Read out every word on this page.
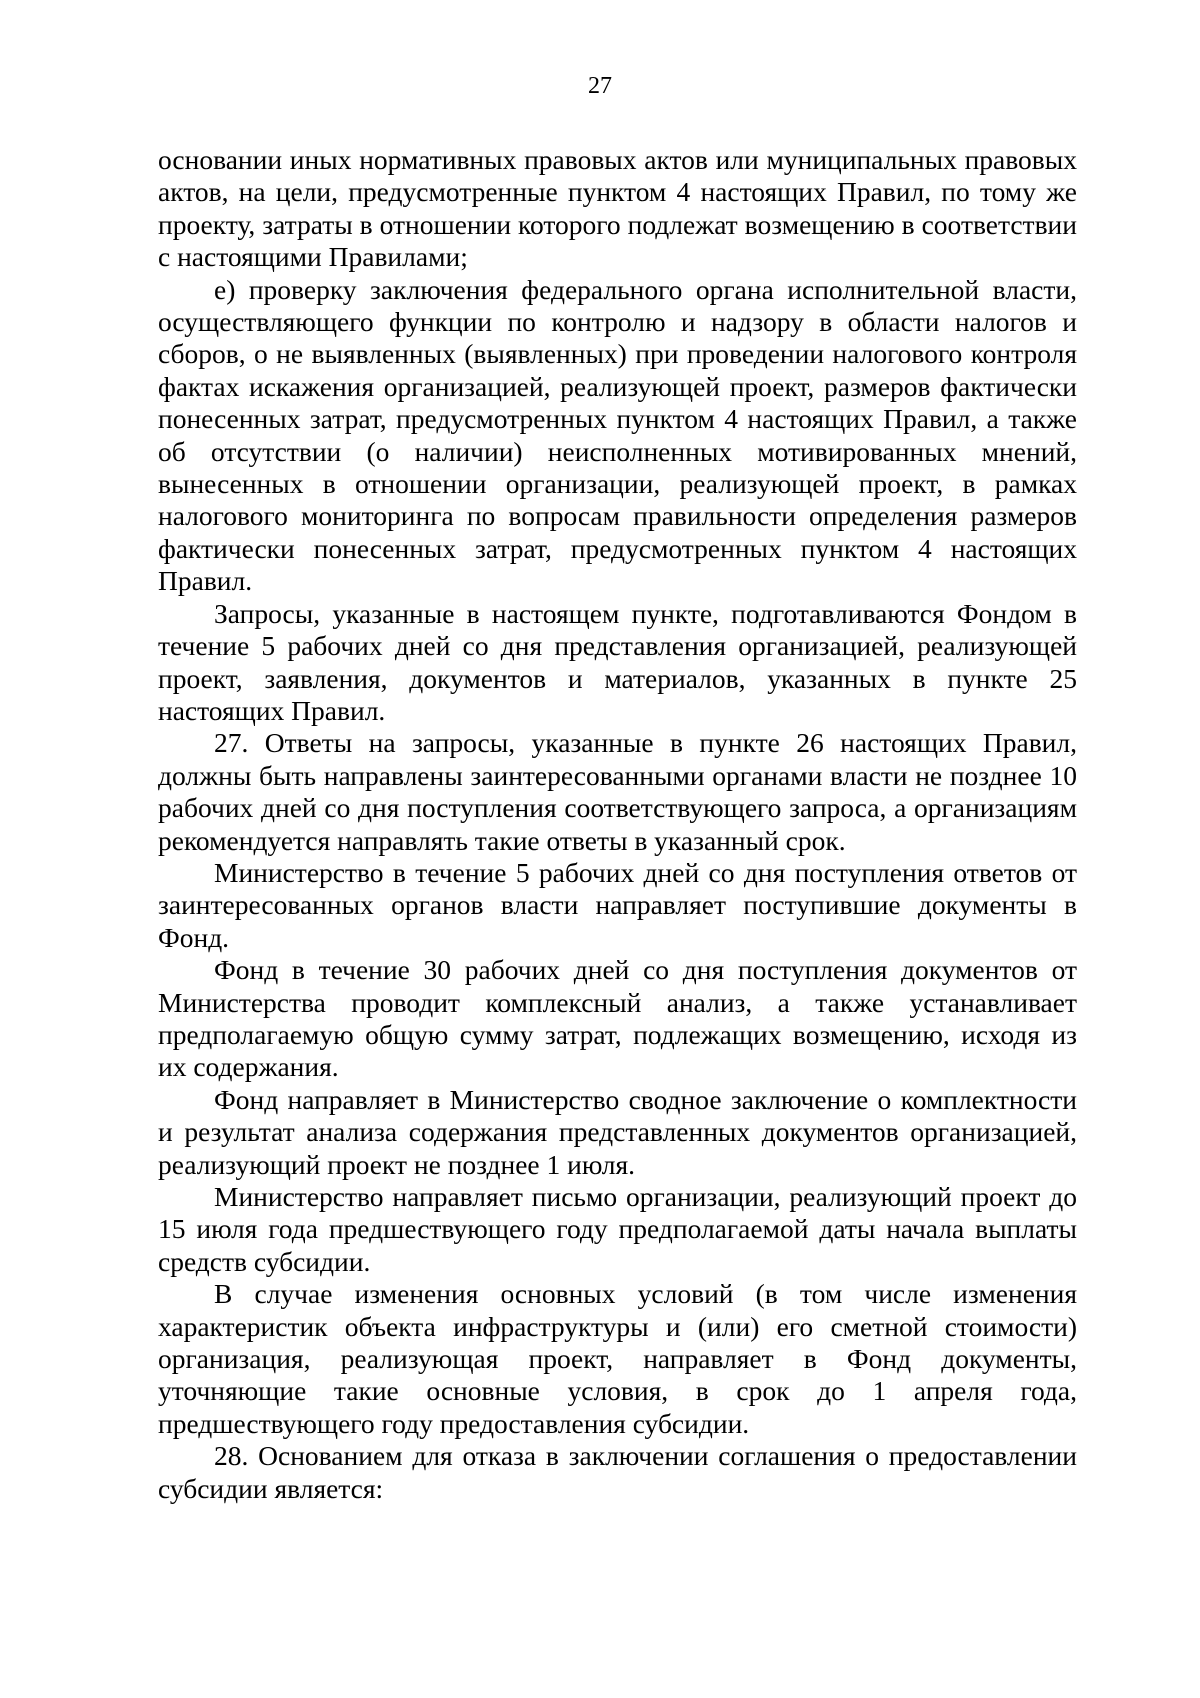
27

основании иных нормативных правовых актов или муниципальных правовых актов, на цели, предусмотренные пунктом 4 настоящих Правил, по тому же проекту, затраты в отношении которого подлежат возмещению в соответствии с настоящими Правилами;

е) проверку заключения федерального органа исполнительной власти, осуществляющего функции по контролю и надзору в области налогов и сборов, о не выявленных (выявленных) при проведении налогового контроля фактах искажения организацией, реализующей проект, размеров фактически понесенных затрат, предусмотренных пунктом 4 настоящих Правил, а также об отсутствии (о наличии) неисполненных мотивированных мнений, вынесенных в отношении организации, реализующей проект, в рамках налогового мониторинга по вопросам правильности определения размеров фактически понесенных затрат, предусмотренных пунктом 4 настоящих Правил.

Запросы, указанные в настоящем пункте, подготавливаются Фондом в течение 5 рабочих дней со дня представления организацией, реализующей проект, заявления, документов и материалов, указанных в пункте 25 настоящих Правил.

27. Ответы на запросы, указанные в пункте 26 настоящих Правил, должны быть направлены заинтересованными органами власти не позднее 10 рабочих дней со дня поступления соответствующего запроса, а организациям рекомендуется направлять такие ответы в указанный срок.

Министерство в течение 5 рабочих дней со дня поступления ответов от заинтересованных органов власти направляет поступившие документы в Фонд.

Фонд в течение 30 рабочих дней со дня поступления документов от Министерства проводит комплексный анализ, а также устанавливает предполагаемую общую сумму затрат, подлежащих возмещению, исходя из их содержания.

Фонд направляет в Министерство сводное заключение о комплектности и результат анализа содержания представленных документов организацией, реализующий проект не позднее 1 июля.

Министерство направляет письмо организации, реализующий проект до 15 июля года предшествующего году предполагаемой даты начала выплаты средств субсидии.

В случае изменения основных условий (в том числе изменения характеристик объекта инфраструктуры и (или) его сметной стоимости) организация, реализующая проект, направляет в Фонд документы, уточняющие такие основные условия, в срок до 1 апреля года, предшествующего году предоставления субсидии.

28. Основанием для отказа в заключении соглашения о предоставлении субсидии является:
